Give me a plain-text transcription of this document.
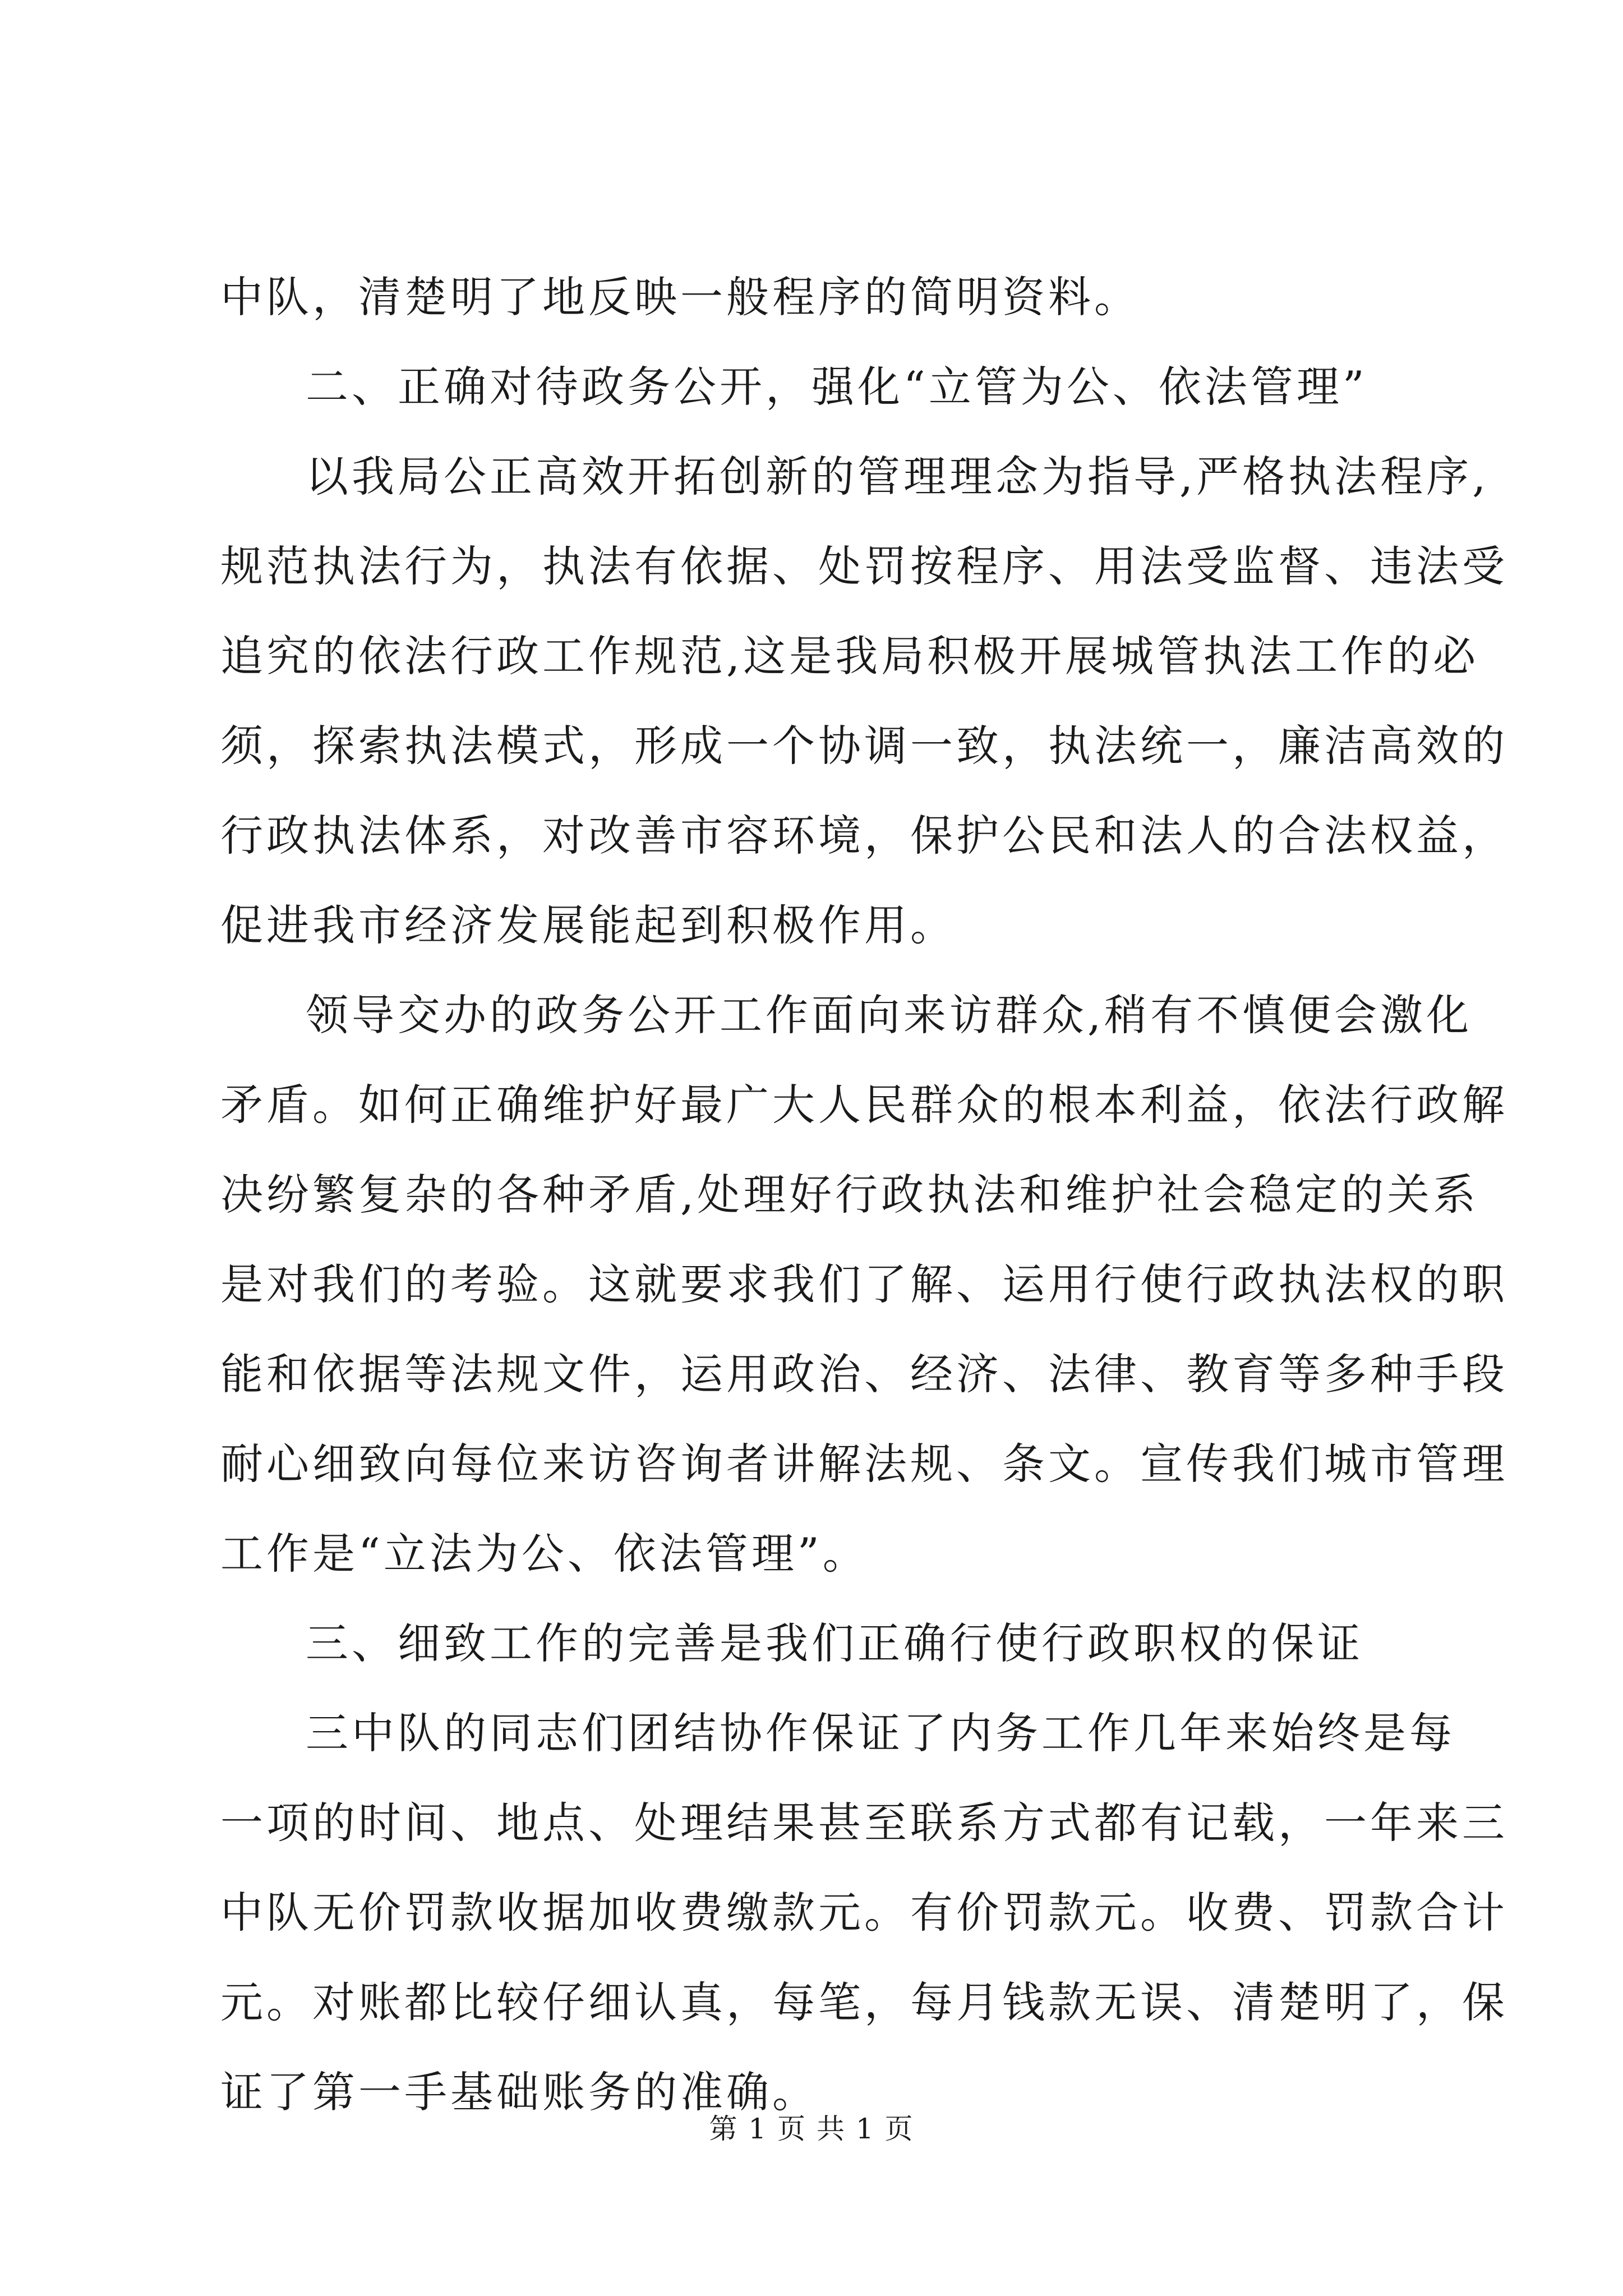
中队，清楚明了地反映一般程序的简明资料。
二、正确对待政务公开，强化“立管为公、依法管理”
以我局公正高效开拓创新的管理理念为指导,严格执法程序,
规范执法行为，执法有依据、处罚按程序、用法受监督、违法受
追究的依法行政工作规范,这是我局积极开展城管执法工作的必
须，探索执法模式，形成一个协调一致，执法统一，廉洁高效的
行政执法体系，对改善市容环境，保护公民和法人的合法权益，
促进我市经济发展能起到积极作用。
领导交办的政务公开工作面向来访群众,稍有不慎便会激化
矛盾。如何正确维护好最广大人民群众的根本利益，依法行政解
决纷繁复杂的各种矛盾,处理好行政执法和维护社会稳定的关系
是对我们的考验。这就要求我们了解、运用行使行政执法权的职
能和依据等法规文件，运用政治、经济、法律、教育等多种手段
耐心细致向每位来访咨询者讲解法规、条文。宣传我们城市管理
工作是“立法为公、依法管理”。
三、细致工作的完善是我们正确行使行政职权的保证
三中队的同志们团结协作保证了内务工作几年来始终是每
一项的时间、地点、处理结果甚至联系方式都有记载，一年来三
中队无价罚款收据加收费缴款元。有价罚款元。收费、罚款合计
元。对账都比较仔细认真，每笔，每月钱款无误、清楚明了，保
证了第一手基础账务的准确。
第 1 页 共 1 页
